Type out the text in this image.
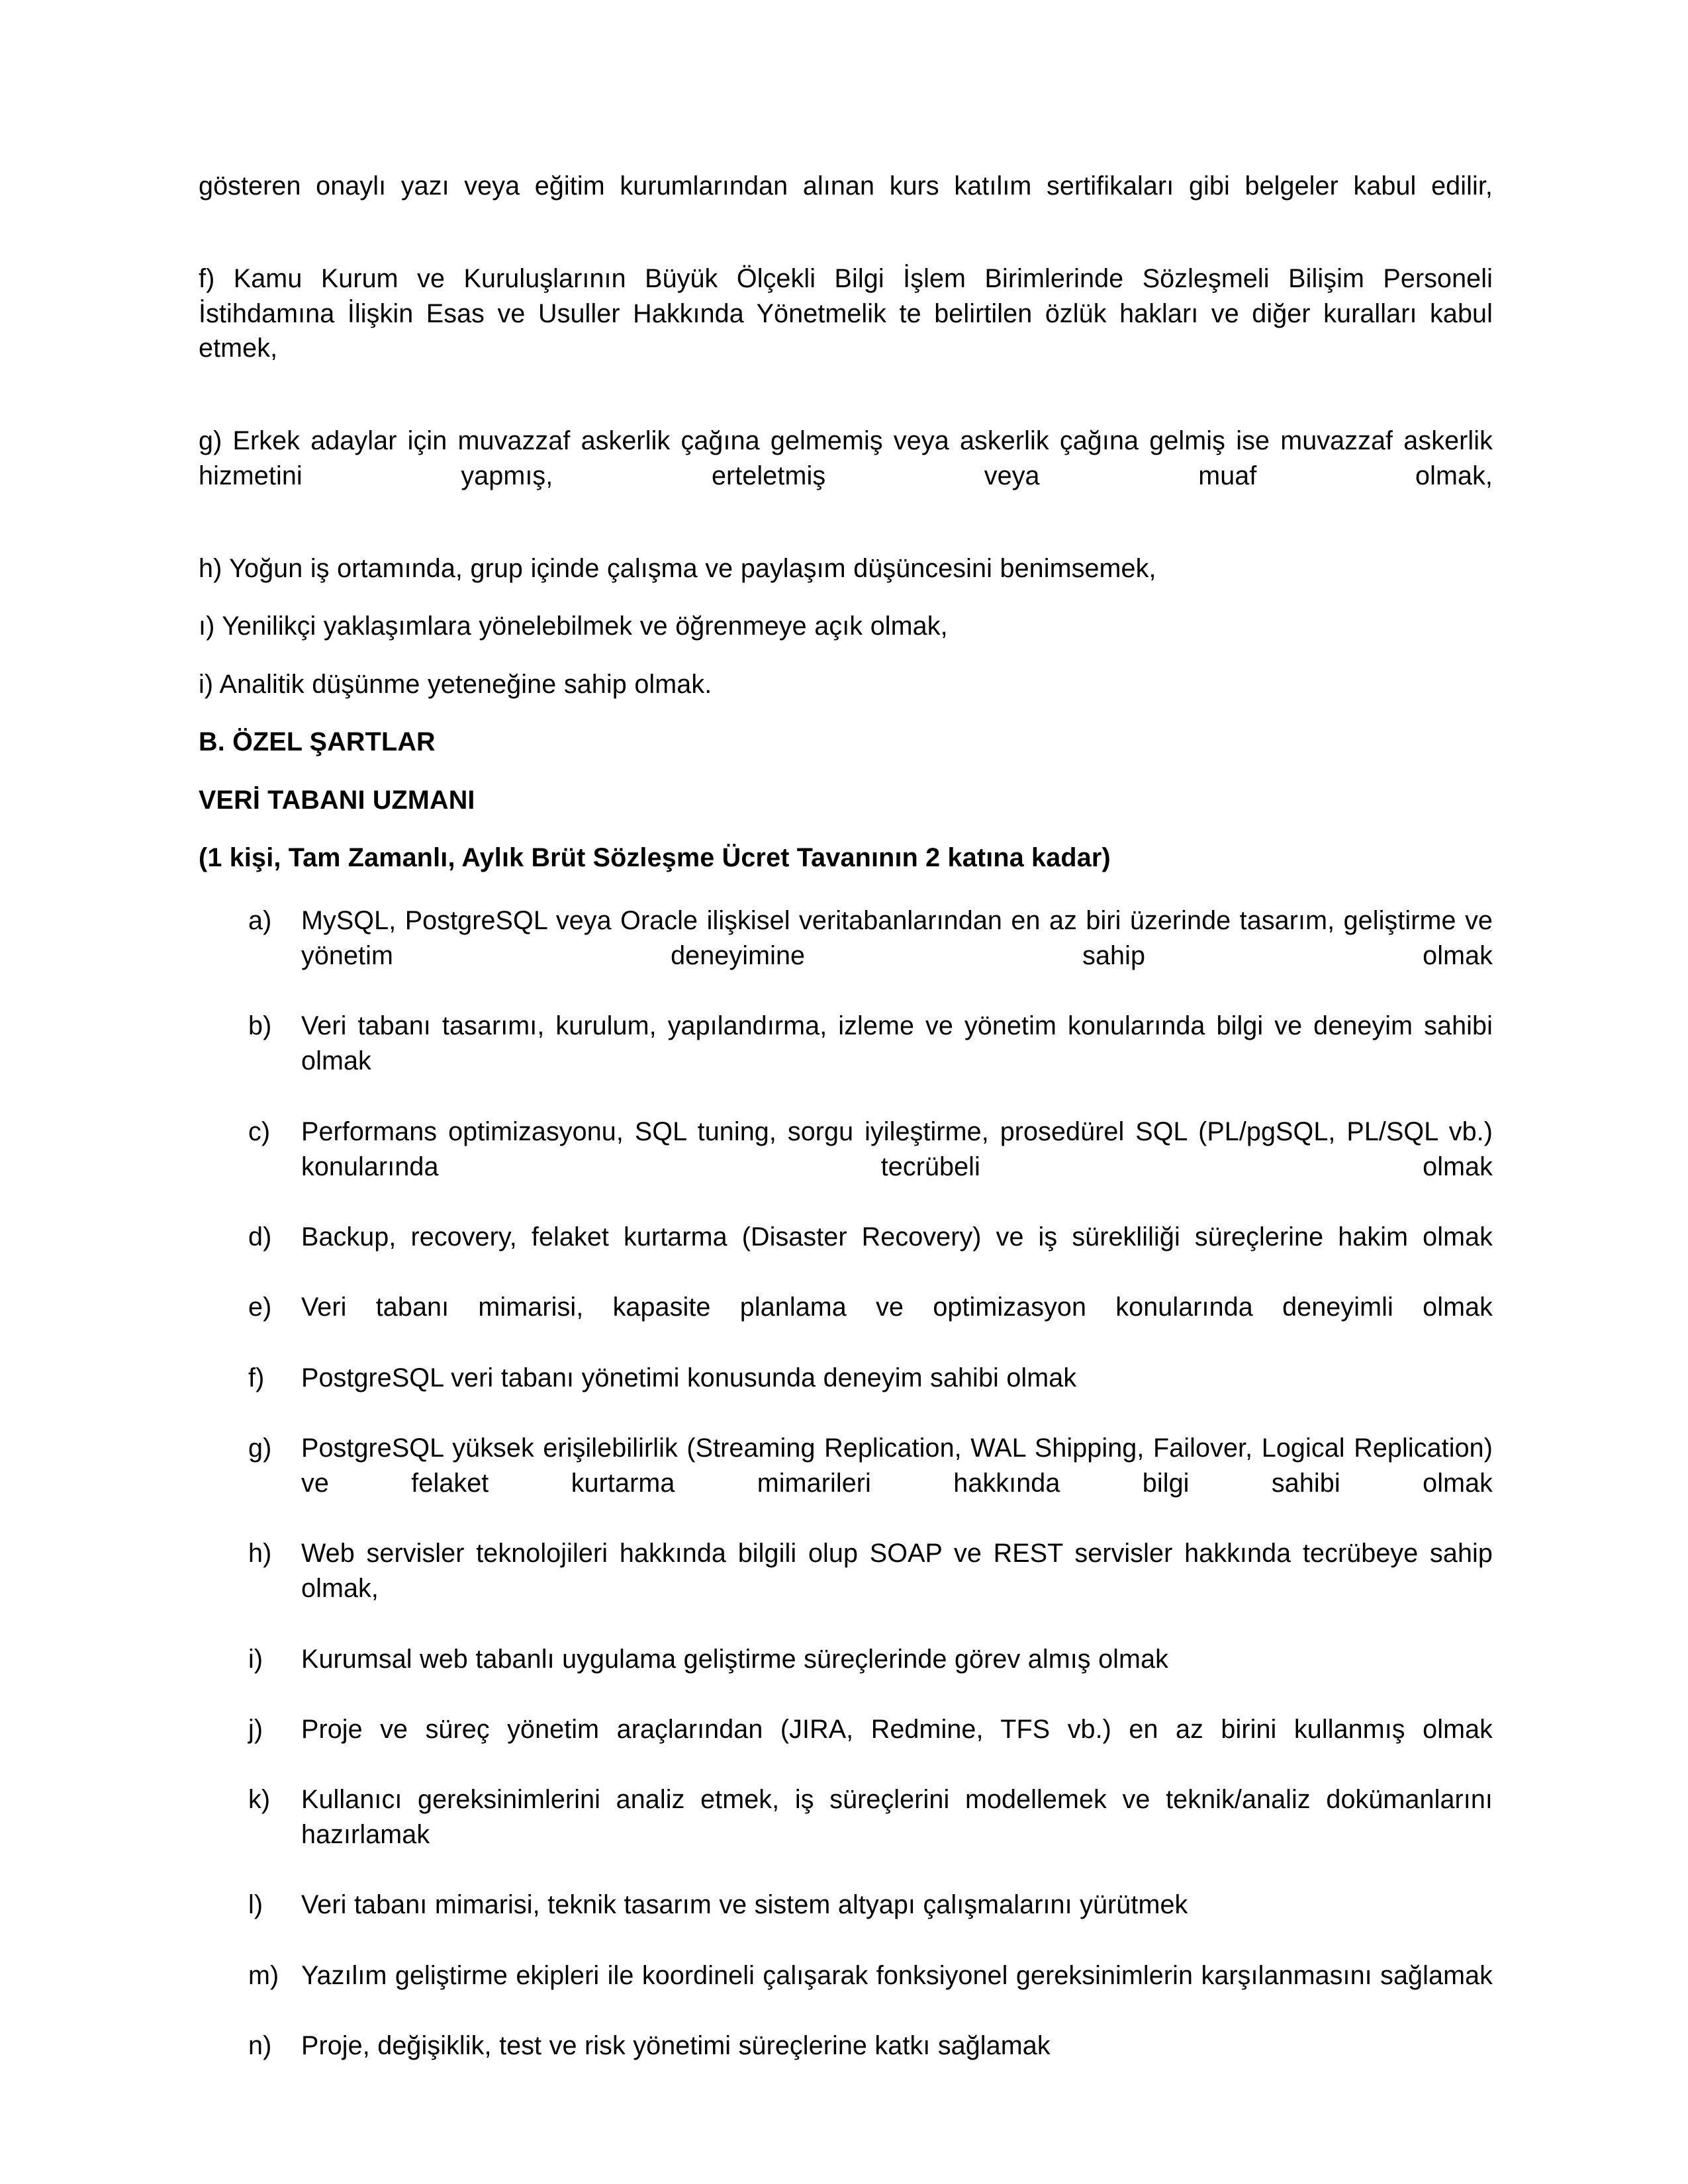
gösteren onaylı yazı veya eğitim kurumlarından alınan kurs katılım sertifikaları gibi belgeler kabul edilir,

f) Kamu Kurum ve Kuruluşlarının Büyük Ölçekli Bilgi İşlem Birimlerinde Sözleşmeli Bilişim Personeli İstihdamına İlişkin Esas ve Usuller Hakkında Yönetmelik te belirtilen özlük hakları ve diğer kuralları kabul etmek,

g) Erkek adaylar için muvazzaf askerlik çağına gelmemiş veya askerlik çağına gelmiş ise muvazzaf askerlik hizmetini yapmış, erteletmiş veya muaf olmak,

h) Yoğun iş ortamında, grup içinde çalışma ve paylaşım düşüncesini benimsemek,

ı) Yenilikçi yaklaşımlara yönelebilmek ve öğrenmeye açık olmak,

i) Analitik düşünme yeteneğine sahip olmak.

B. ÖZEL ŞARTLAR
VERİ TABANI UZMANI

(1 kişi, Tam Zamanlı, Aylık Brüt Sözleşme Ücret Tavanının 2 katına kadar)

a)	MySQL, PostgreSQL veya Oracle ilişkisel veritabanlarından en az biri üzerinde tasarım, geliştirme ve yönetim deneyimine sahip olmak
b)	Veri tabanı tasarımı, kurulum, yapılandırma, izleme ve yönetim konularında bilgi ve deneyim sahibi olmak
c)	Performans optimizasyonu, SQL tuning, sorgu iyileştirme, prosedürel SQL (PL/pgSQL, PL/SQL vb.) konularında tecrübeli olmak
d)	Backup, recovery, felaket kurtarma (Disaster Recovery) ve iş sürekliliği süreçlerine hakim olmak
e)	Veri tabanı mimarisi, kapasite planlama ve optimizasyon konularında deneyimli olmak
f)	PostgreSQL veri tabanı yönetimi konusunda deneyim sahibi olmak
g)	PostgreSQL yüksek erişilebilirlik (Streaming Replication, WAL Shipping, Failover, Logical Replication) ve felaket kurtarma mimarileri hakkında bilgi sahibi olmak
h)	Web servisler teknolojileri hakkında bilgili olup SOAP ve REST servisler hakkında tecrübeye sahip olmak,
i)	Kurumsal web tabanlı uygulama geliştirme süreçlerinde görev almış olmak
j)	Proje ve süreç yönetim araçlarından (JIRA, Redmine, TFS vb.) en az birini kullanmış olmak
k)	Kullanıcı gereksinimlerini analiz etmek, iş süreçlerini modellemek ve teknik/analiz dokümanlarını hazırlamak
l)	Veri tabanı mimarisi, teknik tasarım ve sistem altyapı çalışmalarını yürütmek
m) Yazılım geliştirme ekipleri ile koordineli çalışarak fonksiyonel gereksinimlerin karşılanmasını sağlamak
n)	Proje, değişiklik, test ve risk yönetimi süreçlerine katkı sağlamak
